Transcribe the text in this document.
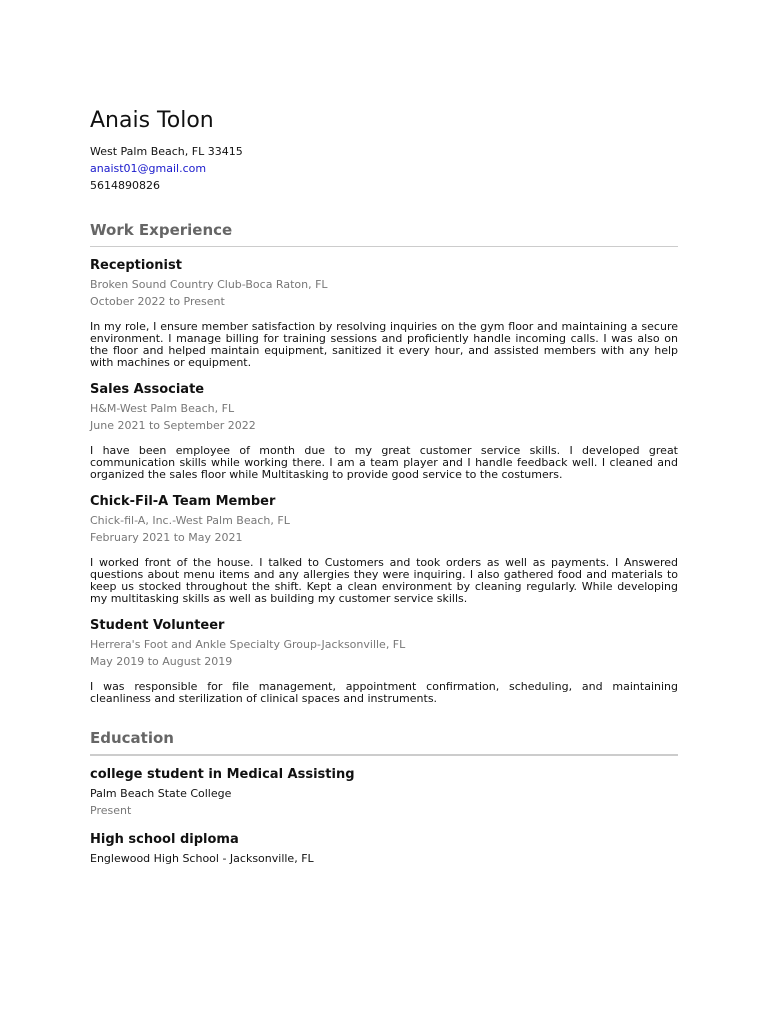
Anais Tolon
West Palm Beach, FL 33415
anaist01@gmail.com
5614890826
Work Experience
Receptionist
Broken Sound Country Club-Boca Raton, FL
October 2022 to Present

In my role, I ensure member satisfaction by resolving inquiries on the gym floor and maintaining a secure environment. I manage billing for training sessions and proficiently handle incoming calls. I was also on the floor and helped maintain equipment, sanitized it every hour, and assisted members with any help with machines or equipment.

Sales Associate
H&M-West Palm Beach, FL
June 2021 to September 2022

I have been employee of month due to my great customer service skills. I developed great communication skills while working there. I am a team player and I handle feedback well. I cleaned and organized the sales floor while Multitasking to provide good service to the costumers.

Chick-Fil-A Team Member
Chick-fil-A, Inc.-West Palm Beach, FL
February 2021 to May 2021

I worked front of the house. I talked to Customers and took orders as well as payments. I Answered questions about menu items and any allergies they were inquiring. I also gathered food and materials to keep us stocked throughout the shift. Kept a clean environment by cleaning regularly. While developing my multitasking skills as well as building my customer service skills.

Student Volunteer
Herrera's Foot and Ankle Specialty Group-Jacksonville, FL
May 2019 to August 2019

I was responsible for file management, appointment confirmation, scheduling, and maintaining cleanliness and sterilization of clinical spaces and instruments.

Education
college student in Medical Assisting
Palm Beach State College
Present
High school diploma
Englewood High School - Jacksonville, FL
